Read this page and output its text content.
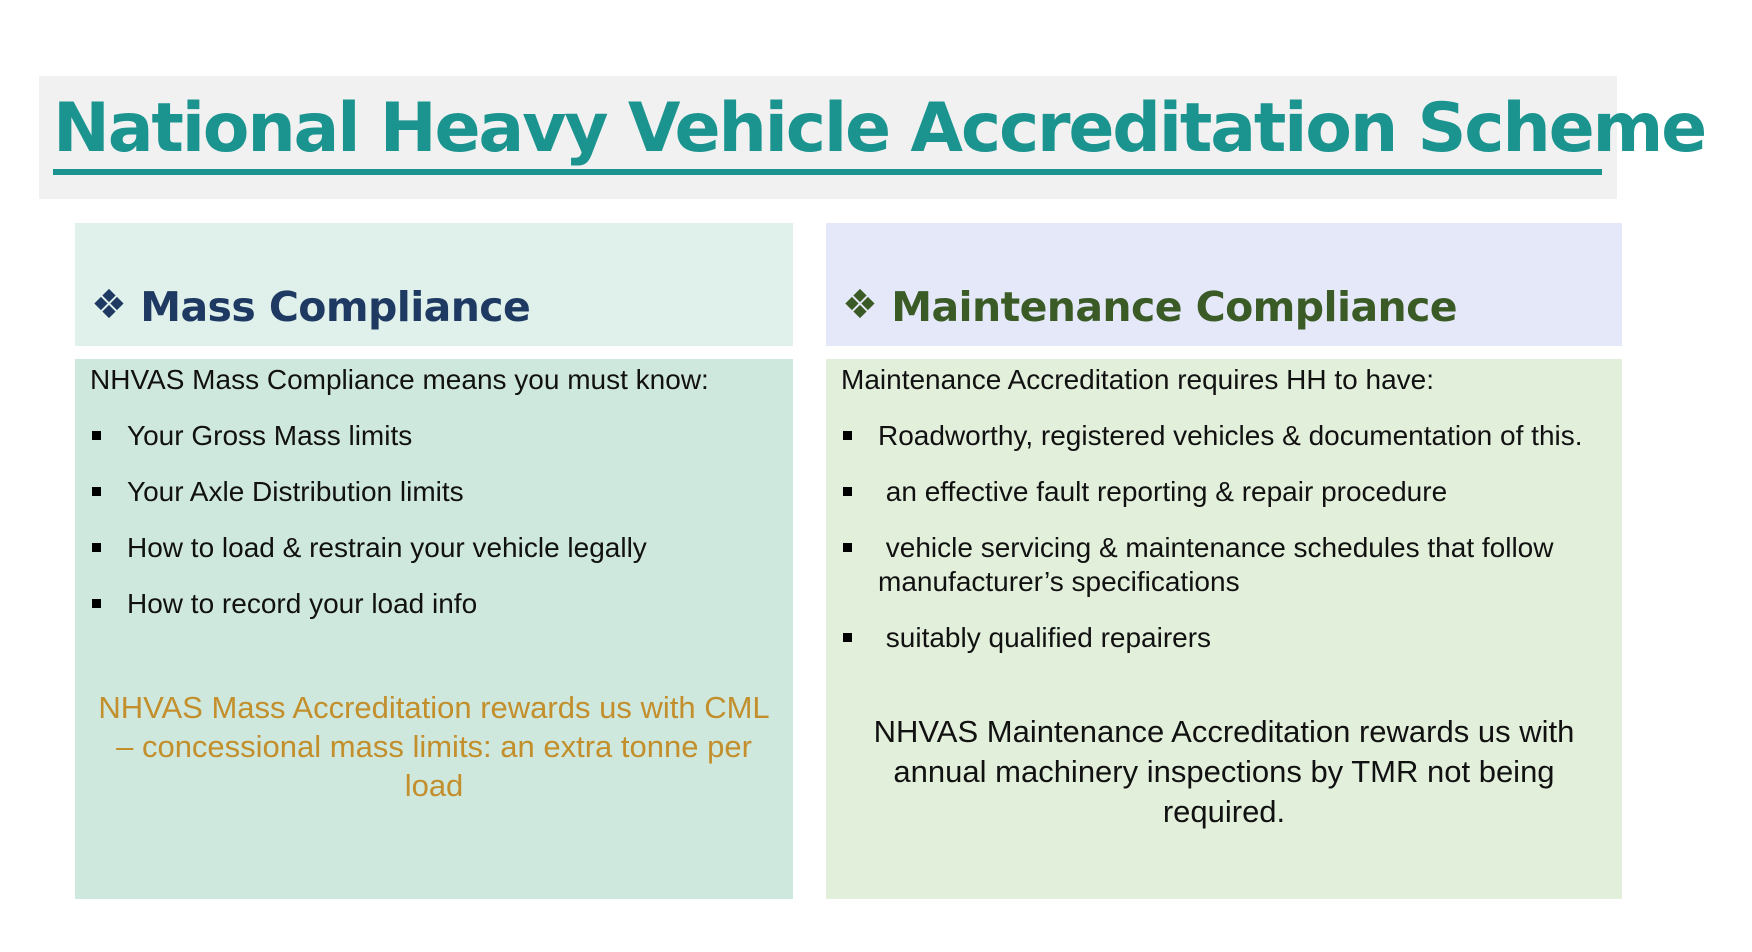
National Heavy Vehicle Accreditation Scheme
❖ Mass Compliance	❖ Maintenance Compliance

NHVAS Mass Compliance means you must know:

Your Gross Mass limits
Your Axle Distribution limits
How to load & restrain your vehicle legally
How to record your load info

NHVAS Mass Accreditation rewards us with CML – concessional mass limits: an extra tonne per load

Maintenance Accreditation requires HH to have:

Roadworthy, registered vehicles & documentation of this.
an effective fault reporting & repair procedure
vehicle servicing & maintenance schedules that follow manufacturer’s specifications
suitably qualified repairers

NHVAS Maintenance Accreditation rewards us with annual machinery inspections by TMR not being required.
